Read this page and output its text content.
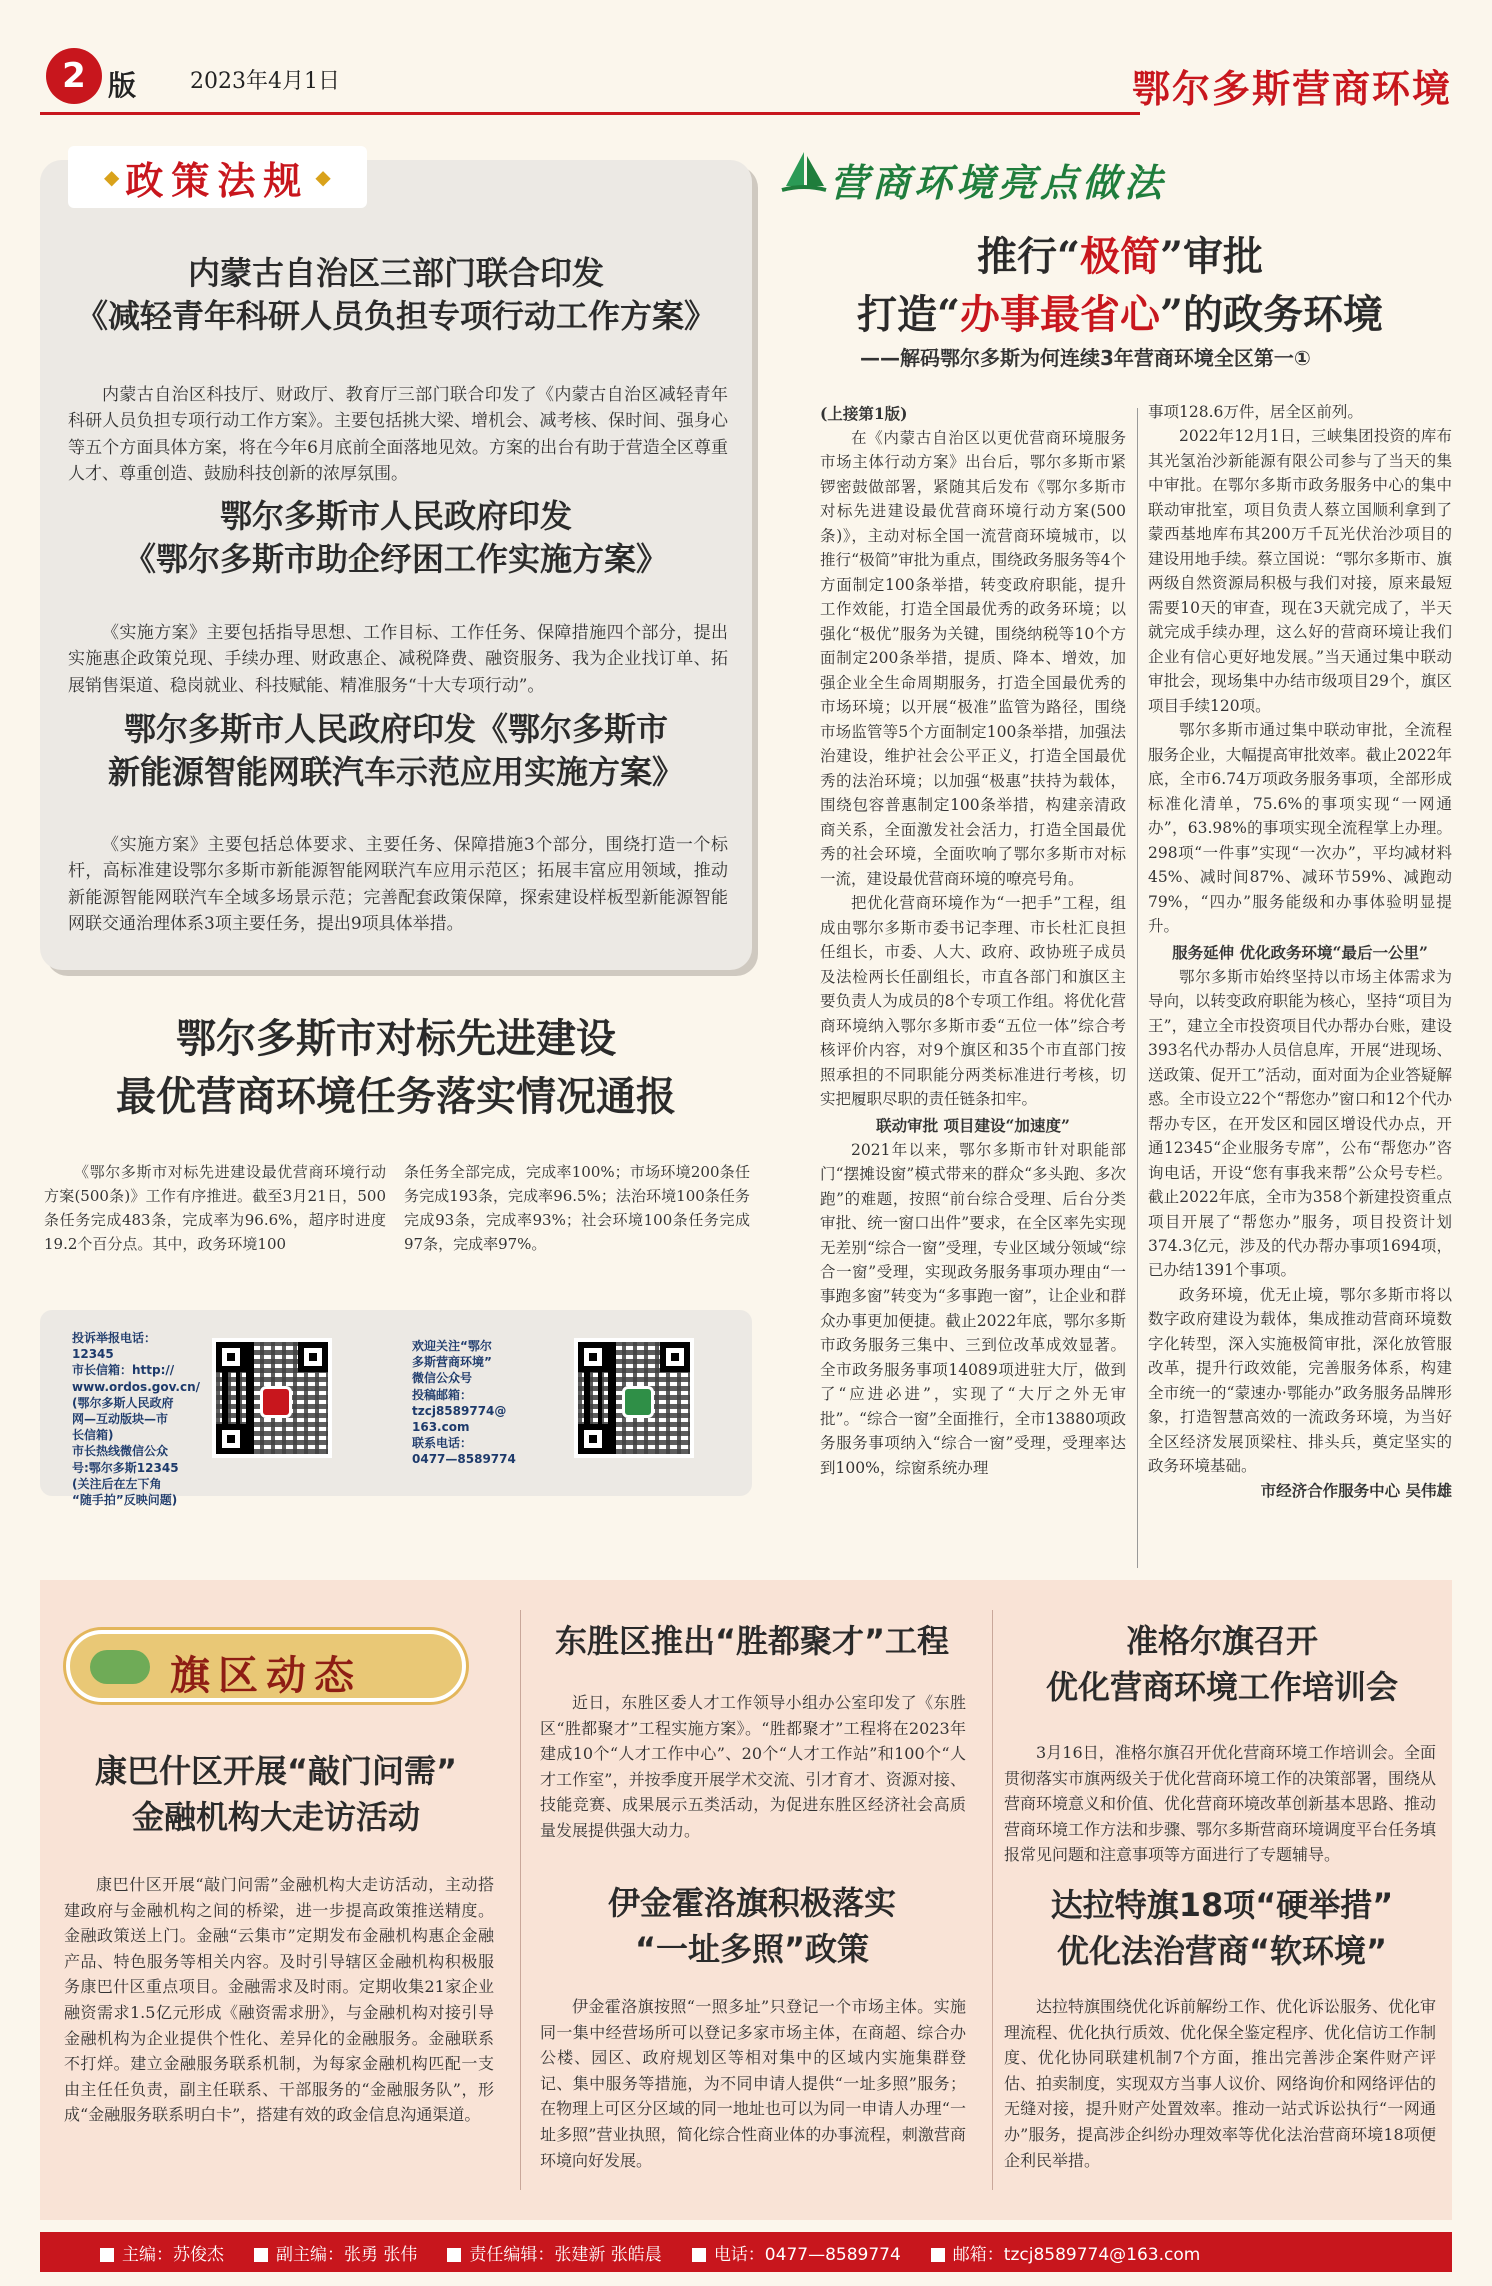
2 版 2023年4月1日	鄂尔多斯营商环境
◆ 政策法规
◆
内蒙古自治区三部门联合印发
《减轻青年科研人员负担专项行动工作方案》
内蒙古自治区科技厅、财政厅、教育厅三部门联合印发了《内蒙古自治区减轻青年科研人员负担专项行动工作方案》。主要包括挑大梁、增机会、减考核、保时间、强身心等五个方面具体方案，将在今年6月底前全面落地见效。方案的出台有助于营造全区尊重人才、尊重创造、鼓励科技创新的浓厚氛围。
鄂尔多斯市人民政府印发
《鄂尔多斯市助企纾困工作实施方案》
《实施方案》主要包括指导思想、工作目标、工作任务、保障措施四个部分，提出实施惠企政策兑现、手续办理、财政惠企、减税降费、融资服务、我为企业找订单、拓展销售渠道、稳岗就业、科技赋能、精准服务“十大专项行动”。
鄂尔多斯市人民政府印发《鄂尔多斯市
新能源智能网联汽车示范应用实施方案》
《实施方案》主要包括总体要求、主要任务、保障措施3个部分，围绕打造一个标杆，高标准建设鄂尔多斯市新能源智能网联汽车应用示范区；拓展丰富应用领域，推动新能源智能网联汽车全域多场景示范；完善配套政策保障，探索建设样板型新能源智能网联交通治理体系3项主要任务，提出9项具体举措。
鄂尔多斯市对标先进建设
最优营商环境任务落实情况通报
《鄂尔多斯市对标先进建设最优营商环境行动方案(500条)》工作有序推进。截至3月21日，500条任务完成483条，完成率为96.6%，超序时进度19.2个百分点。其中，政务环境100
条任务全部完成，完成率100%；市场环境200条任务完成193条，完成率96.5%；法治环境100条任务完成93条，完成率93%；社会环境100条任务完成97条，完成率97%。
投诉举报电话：
12345
市长信箱：http://
www.ordos.gov.cn/
(鄂尔多斯人民政府
网—互动版块—市
长信箱)
市长热线微信公众
号:鄂尔多斯12345
(关注后在左下角
“随手拍”反映问题)
欢迎关注“鄂尔
多斯营商环境”
微信公众号
投稿邮箱：
tzcj8589774@
163.com
联系电话：
0477—8589774
营商环境亮点做法
推行“极简”审批
打造“办事最省心”的政务环境
——解码鄂尔多斯为何连续3年营商环境全区第一①
(上接第1版)

在《内蒙古自治区以更优营商环境服务市场主体行动方案》出台后，鄂尔多斯市紧锣密鼓做部署，紧随其后发布《鄂尔多斯市对标先进建设最优营商环境行动方案(500条)》，主动对标全国一流营商环境城市，以推行“极简”审批为重点，围绕政务服务等4个方面制定100条举措，转变政府职能，提升工作效能，打造全国最优秀的政务环境；以强化“极优”服务为关键，围绕纳税等10个方面制定200条举措，提质、降本、增效，加强企业全生命周期服务，打造全国最优秀的市场环境；以开展“极准”监管为路径，围绕市场监管等5个方面制定100条举措，加强法治建设，维护社会公平正义，打造全国最优秀的法治环境；以加强“极惠”扶持为载体，围绕包容普惠制定100条举措，构建亲清政商关系，全面激发社会活力，打造全国最优秀的社会环境，全面吹响了鄂尔多斯市对标一流，建设最优营商环境的嘹亮号角。

把优化营商环境作为“一把手”工程，组成由鄂尔多斯市委书记李理、市长杜汇良担任组长，市委、人大、政府、政协班子成员及法检两长任副组长，市直各部门和旗区主要负责人为成员的8个专项工作组。将优化营商环境纳入鄂尔多斯市委“五位一体”综合考核评价内容，对9个旗区和35个市直部门按照承担的不同职能分两类标准进行考核，切实把履职尽职的责任链条扣牢。

联动审批 项目建设“加速度”

2021年以来，鄂尔多斯市针对职能部门“摆摊设窗”模式带来的群众“多头跑、多次跑”的难题，按照“前台综合受理、后台分类审批、统一窗口出件”要求，在全区率先实现无差别“综合一窗”受理，专业区域分领域“综合一窗”受理，实现政务服务事项办理由“一事跑多窗”转变为“多事跑一窗”，让企业和群众办事更加便捷。截止2022年底，鄂尔多斯市政务服务三集中、三到位改革成效显著。全市政务服务事项14089项进驻大厅，做到了“应进必进”，实现了“大厅之外无审批”。“综合一窗”全面推行，全市13880项政务服务事项纳入“综合一窗”受理，受理率达到100%，综窗系统办理

事项128.6万件，居全区前列。

2022年12月1日，三峡集团投资的库布其光氢治沙新能源有限公司参与了当天的集中审批。在鄂尔多斯市政务服务中心的集中联动审批室，项目负责人蔡立国顺利拿到了蒙西基地库布其200万千瓦光伏治沙项目的建设用地手续。蔡立国说：“鄂尔多斯市、旗两级自然资源局积极与我们对接，原来最短需要10天的审查，现在3天就完成了，半天就完成手续办理，这么好的营商环境让我们企业有信心更好地发展。”当天通过集中联动审批会，现场集中办结市级项目29个，旗区项目手续120项。

鄂尔多斯市通过集中联动审批，全流程服务企业，大幅提高审批效率。截止2022年底，全市6.74万项政务服务事项，全部形成标准化清单，75.6%的事项实现“一网通办”，63.98%的事项实现全流程掌上办理。298项“一件事”实现“一次办”，平均减材料45%、减时间87%、减环节59%、减跑动79%，“四办”服务能级和办事体验明显提升。

服务延伸 优化政务环境“最后一公里”

鄂尔多斯市始终坚持以市场主体需求为导向，以转变政府职能为核心，坚持“项目为王”，建立全市投资项目代办帮办台账，建设393名代办帮办人员信息库，开展“进现场、送政策、促开工”活动，面对面为企业答疑解惑。全市设立22个“帮您办”窗口和12个代办帮办专区，在开发区和园区增设代办点，开通12345“企业服务专席”，公布“帮您办”咨询电话，开设“您有事我来帮”公众号专栏。截止2022年底，全市为358个新建投资重点项目开展了“帮您办”服务，项目投资计划374.3亿元，涉及的代办帮办事项1694项，已办结1391个事项。

政务环境，优无止境，鄂尔多斯市将以数字政府建设为载体，集成推动营商环境数字化转型，深入实施极简审批，深化放管服改革，提升行政效能，完善服务体系，构建全市统一的“蒙速办·鄂能办”政务服务品牌形象，打造智慧高效的一流政务环境，为当好全区经济发展顶梁柱、排头兵，奠定坚实的政务环境基础。

市经济合作服务中心 吴伟雄

旗区动态
康巴什区开展“敲门问需”
金融机构大走访活动
康巴什区开展“敲门问需”金融机构大走访活动，主动搭建政府与金融机构之间的桥梁，进一步提高政策推送精度。金融政策送上门。金融“云集市”定期发布金融机构惠企金融产品、特色服务等相关内容。及时引导辖区金融机构积极服务康巴什区重点项目。金融需求及时雨。定期收集21家企业融资需求1.5亿元形成《融资需求册》，与金融机构对接引导金融机构为企业提供个性化、差异化的金融服务。金融联系不打烊。建立金融服务联系机制，为每家金融机构匹配一支由主任任负责，副主任联系、干部服务的“金融服务队”，形成“金融服务联系明白卡”，搭建有效的政金信息沟通渠道。
东胜区推出“胜都聚才”工程
近日，东胜区委人才工作领导小组办公室印发了《东胜区“胜都聚才”工程实施方案》。“胜都聚才”工程将在2023年建成10个“人才工作中心”、20个“人才工作站”和100个“人才工作室”，并按季度开展学术交流、引才育才、资源对接、技能竞赛、成果展示五类活动，为促进东胜区经济社会高质量发展提供强大动力。
伊金霍洛旗积极落实
“一址多照”政策
伊金霍洛旗按照“一照多址”只登记一个市场主体。实施同一集中经营场所可以登记多家市场主体，在商超、综合办公楼、园区、政府规划区等相对集中的区域内实施集群登记、集中服务等措施，为不同申请人提供“一址多照”服务；在物理上可区分区域的同一地址也可以为同一申请人办理“一址多照”营业执照，简化综合性商业体的办事流程，刺激营商环境向好发展。
准格尔旗召开
优化营商环境工作培训会
3月16日，准格尔旗召开优化营商环境工作培训会。全面贯彻落实市旗两级关于优化营商环境工作的决策部署，围绕从营商环境意义和价值、优化营商环境改革创新基本思路、推动营商环境工作方法和步骤、鄂尔多斯营商环境调度平台任务填报常见问题和注意事项等方面进行了专题辅导。
达拉特旗18项“硬举措”
优化法治营商“软环境”
达拉特旗围绕优化诉前解纷工作、优化诉讼服务、优化审理流程、优化执行质效、优化保全鉴定程序、优化信访工作制度、优化协同联建机制7个方面，推出完善涉企案件财产评估、拍卖制度，实现双方当事人议价、网络询价和网络评估的无缝对接，提升财产处置效率。推动一站式诉讼执行“一网通办”服务，提高涉企纠纷办理效率等优化法治营商环境18项便企利民举措。
主编：苏俊杰	副主编：张勇 张伟	责任编辑：张建新 张皓晨	电话：0477—8589774	邮箱：tzcj8589774@163.com
